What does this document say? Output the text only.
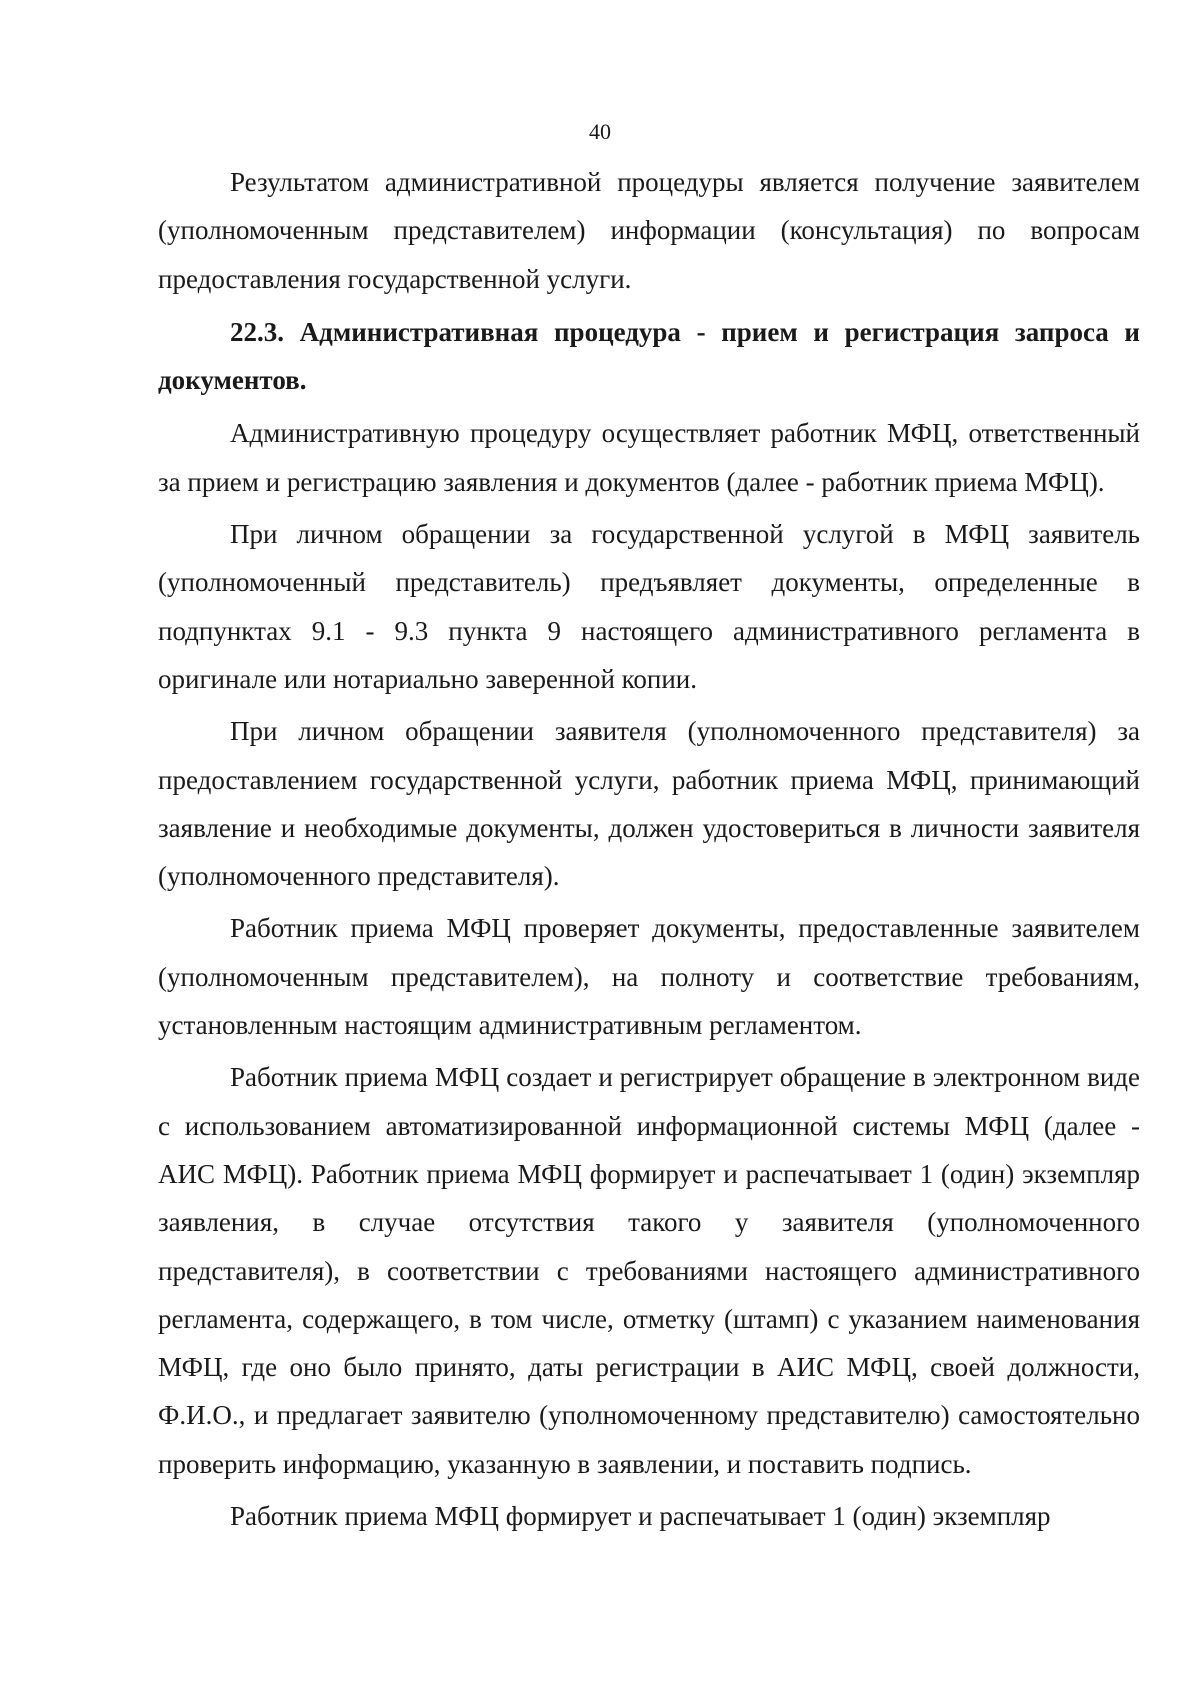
40

Результатом административной процедуры является получение заявителем (уполномоченным представителем) информации (консультация) по вопросам предоставления государственной услуги.

22.3. Административная процедура - прием и регистрация запроса и документов.

Административную процедуру осуществляет работник МФЦ, ответственный за прием и регистрацию заявления и документов (далее - работник приема МФЦ).

При личном обращении за государственной услугой в МФЦ заявитель (уполномоченный представитель) предъявляет документы, определенные в подпунктах 9.1 - 9.3 пункта 9 настоящего административного регламента в оригинале или нотариально заверенной копии.

При личном обращении заявителя (уполномоченного представителя) за предоставлением государственной услуги, работник приема МФЦ, принимающий заявление и необходимые документы, должен удостовериться в личности заявителя (уполномоченного представителя).

Работник приема МФЦ проверяет документы, предоставленные заявителем (уполномоченным представителем), на полноту и соответствие требованиям, установленным настоящим административным регламентом.

Работник приема МФЦ создает и регистрирует обращение в электронном виде с использованием автоматизированной информационной системы МФЦ (далее - АИС МФЦ). Работник приема МФЦ формирует и распечатывает 1 (один) экземпляр заявления, в случае отсутствия такого у заявителя (уполномоченного представителя), в соответствии с требованиями настоящего административного регламента, содержащего, в том числе, отметку (штамп) с указанием наименования МФЦ, где оно было принято, даты регистрации в АИС МФЦ, своей должности, Ф.И.О., и предлагает заявителю (уполномоченному представителю) самостоятельно проверить информацию, указанную в заявлении, и поставить подпись.

Работник приема МФЦ формирует и распечатывает 1 (один) экземпляр
